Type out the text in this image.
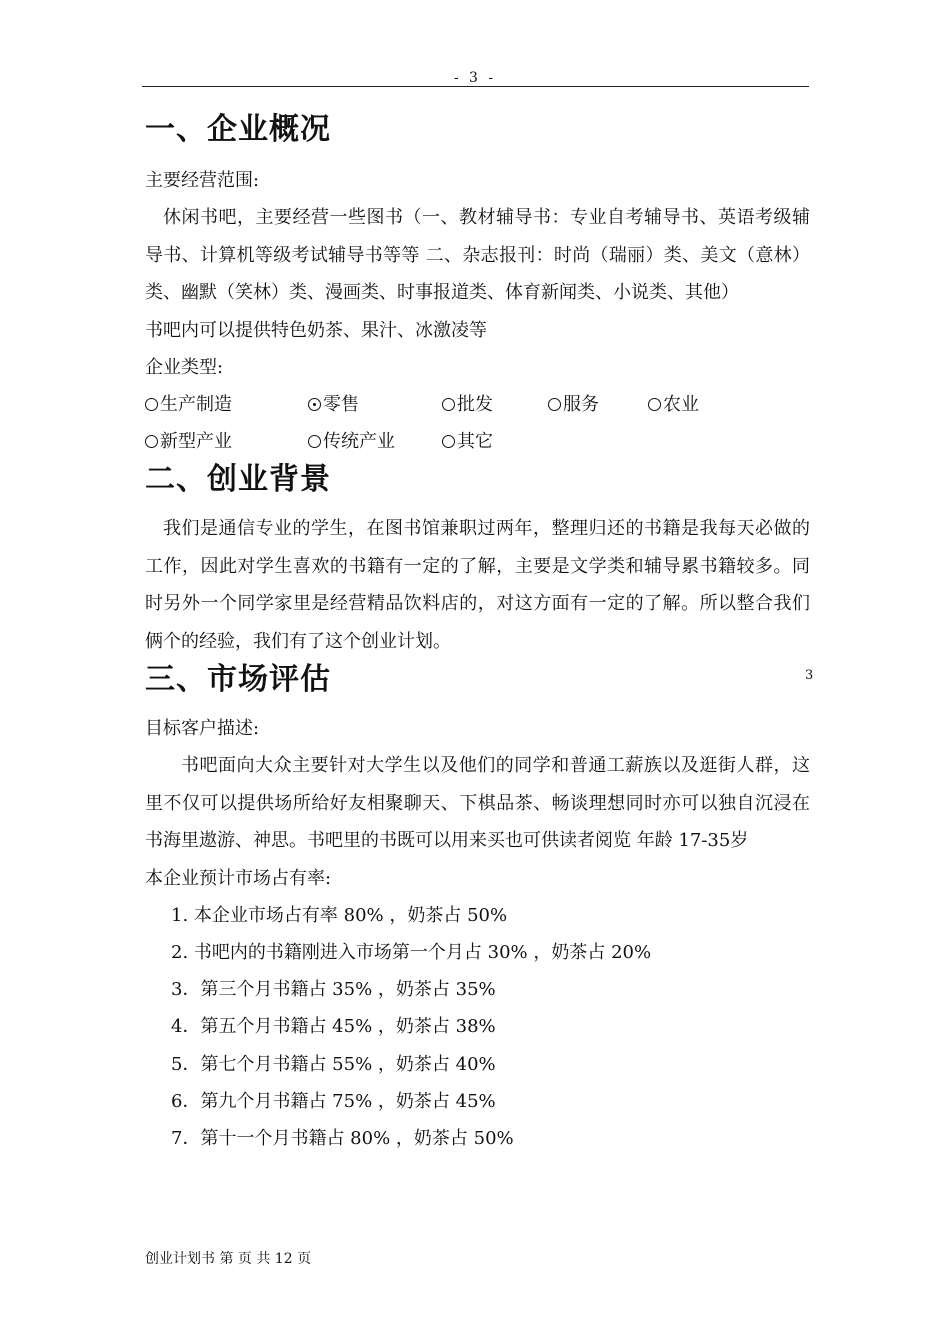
- 3 -
一、企业概况
主要经营范围:
休闲书吧，主要经营一些图书（一、教材辅导书：专业自考辅导书、英语考级辅导书、计算机等级考试辅导书等等 二、杂志报刊：时尚（瑞丽）类、美文（意林）类、幽默（笑林）类、漫画类、时事报道类、体育新闻类、小说类、其他）
书吧内可以提供特色奶茶、果汁、冰激凌等
企业类型:
生产制造	零售	批发	服务	农业
新型产业	传统产业	其它
二、创业背景
我们是通信专业的学生，在图书馆兼职过两年，整理归还的书籍是我每天必做的工作，因此对学生喜欢的书籍有一定的了解，主要是文学类和辅导累书籍较多。同时另外一个同学家里是经营精品饮料店的，对这方面有一定的了解。所以整合我们俩个的经验，我们有了这个创业计划。
三、市场评估
目标客户描述:
书吧面向大众主要针对大学生以及他们的同学和普通工薪族以及逛街人群，这里不仅可以提供场所给好友相聚聊天、下棋品茶、畅谈理想同时亦可以独自沉浸在书海里遨游、神思。书吧里的书既可以用来买也可供读者阅览 年龄 17-35岁
本企业预计市场占有率:
1. 本企业市场占有率 80% ，奶茶占 50%
2. 书吧内的书籍刚进入市场第一个月占 30% ，奶茶占 20%
3．第三个月书籍占 35% ，奶茶占 35%
4．第五个月书籍占 45% ，奶茶占 38%
5．第七个月书籍占 55% ，奶茶占 40%
6．第九个月书籍占 75% ，奶茶占 45%
7．第十一个月书籍占 80% ，奶茶占 50%
3
创业计划书 第 页 共 12 页
